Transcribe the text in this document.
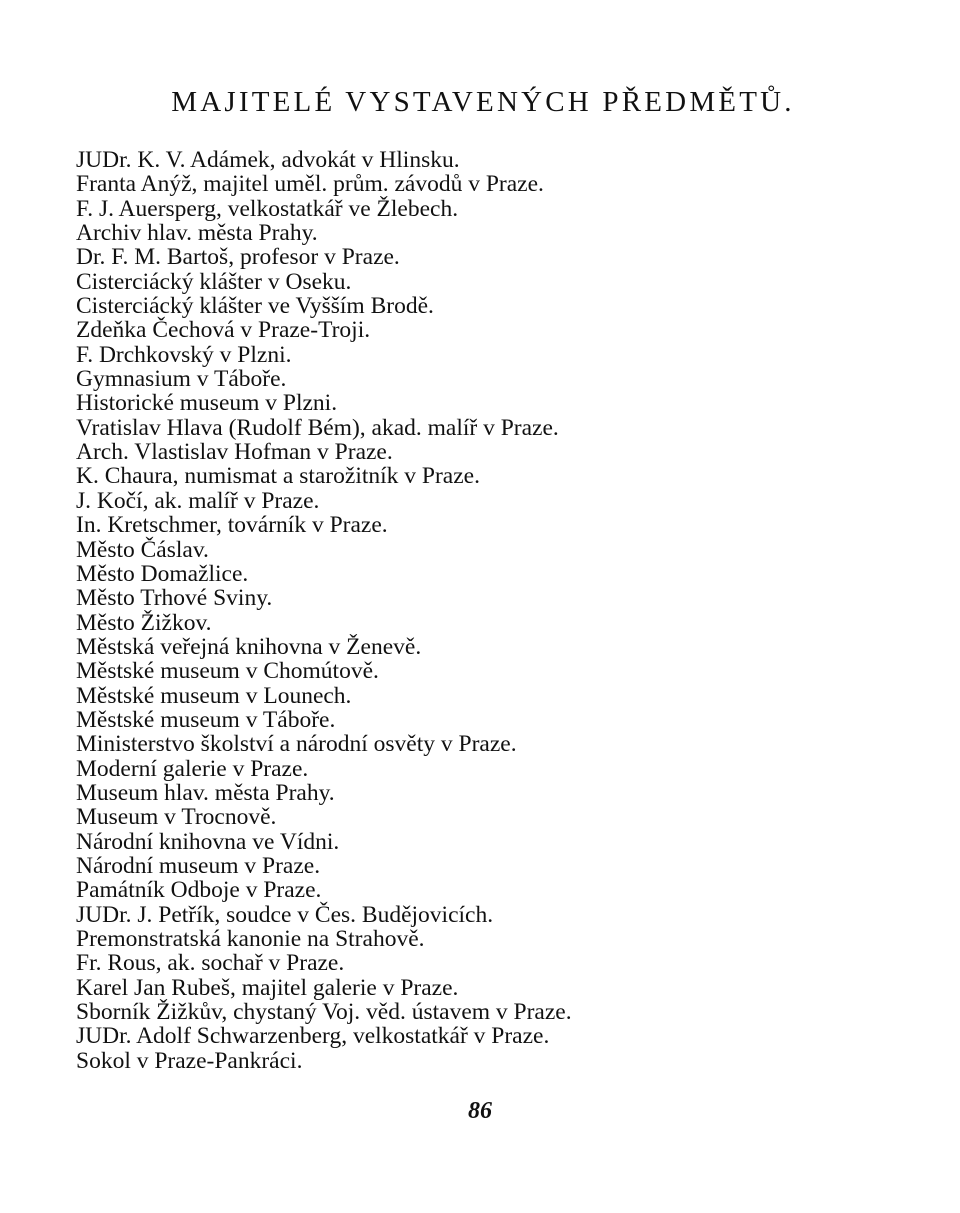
MAJITELÉ VYSTAVENÝCH PŘEDMĚTŮ.
JUDr. K. V. Adámek, advokát v Hlinsku.
Franta Anýž, majitel uměl. prům. závodů v Praze.
F. J. Auersperg, velkostatkář ve Žlebech.
Archiv hlav. města Prahy.
Dr. F. M. Bartoš, profesor v Praze.
Cisterciácký klášter v Oseku.
Cisterciácký klášter ve Vyšším Brodě.
Zdeňka Čechová v Praze-Troji.
F. Drchkovský v Plzni.
Gymnasium v Táboře.
Historické museum v Plzni.
Vratislav Hlava (Rudolf Bém), akad. malíř v Praze.
Arch. Vlastislav Hofman v Praze.
K. Chaura, numismat a starožitník v Praze.
J. Kočí, ak. malíř v Praze.
In. Kretschmer, továrník v Praze.
Město Čáslav.
Město Domažlice.
Město Trhové Sviny.
Město Žižkov.
Městská veřejná knihovna v Ženevě.
Městské museum v Chomútově.
Městské museum v Lounech.
Městské museum v Táboře.
Ministerstvo školství a národní osvěty v Praze.
Moderní galerie v Praze.
Museum hlav. města Prahy.
Museum v Trocnově.
Národní knihovna ve Vídni.
Národní museum v Praze.
Památník Odboje v Praze.
JUDr. J. Petřík, soudce v Čes. Budějovicích.
Premonstratská kanonie na Strahově.
Fr. Rous, ak. sochař v Praze.
Karel Jan Rubeš, majitel galerie v Praze.
Sborník Žižkův, chystaný Voj. věd. ústavem v Praze.
JUDr. Adolf Schwarzenberg, velkostatkář v Praze.
Sokol v Praze-Pankráci.
86
